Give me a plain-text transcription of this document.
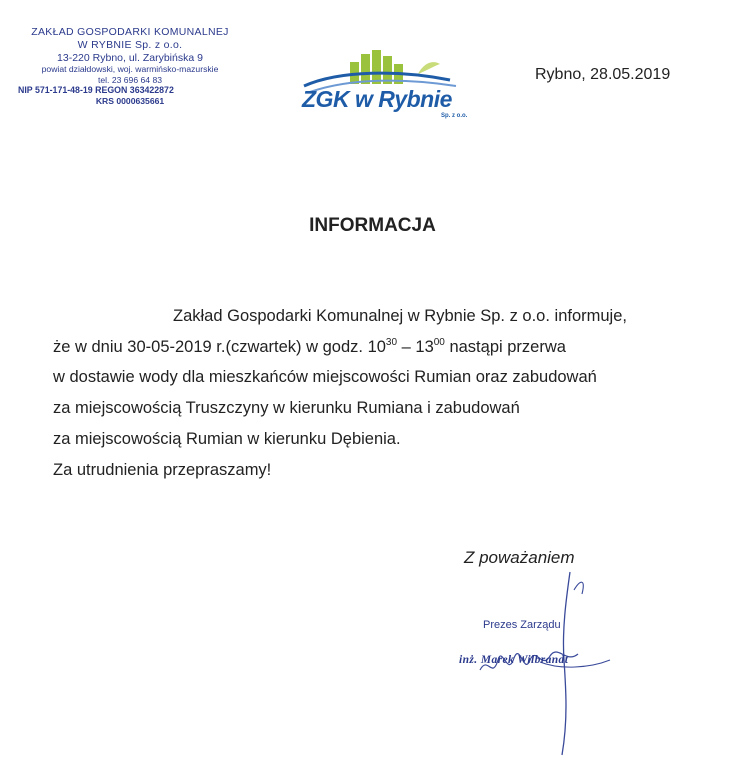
ZAKŁAD GOSPODARKI KOMUNALNEJ
W RYBNIE Sp. z o.o.
13-220 Rybno, ul. Zarybińska 9
powiat działdowski, woj. warmińsko-mazurskie
tel. 23 696 64 83
NIP 571-171-48-19 REGON 363422872
KRS 0000635661	ZGK w Rybnie
Sp. z o.o.
Rybno, 28.05.2019
INFORMACJA
Zakład Gospodarki Komunalnej w Rybnie Sp. z o.o. informuje,
że w dniu 30-05-2019 r.(czwartek) w godz. $10^{30} - 13^{00}$ nastąpi przerwa
w dostawie wody dla mieszkańców miejscowości Rumian oraz zabudowań
za miejscowością Truszczyny w kierunku Rumiana i zabudowań
za miejscowością Rumian w kierunku Dębienia.
Za utrudnienia przepraszamy!
Z poważaniem
Prezes Zarządu
inż. Marek Wilbrandt
